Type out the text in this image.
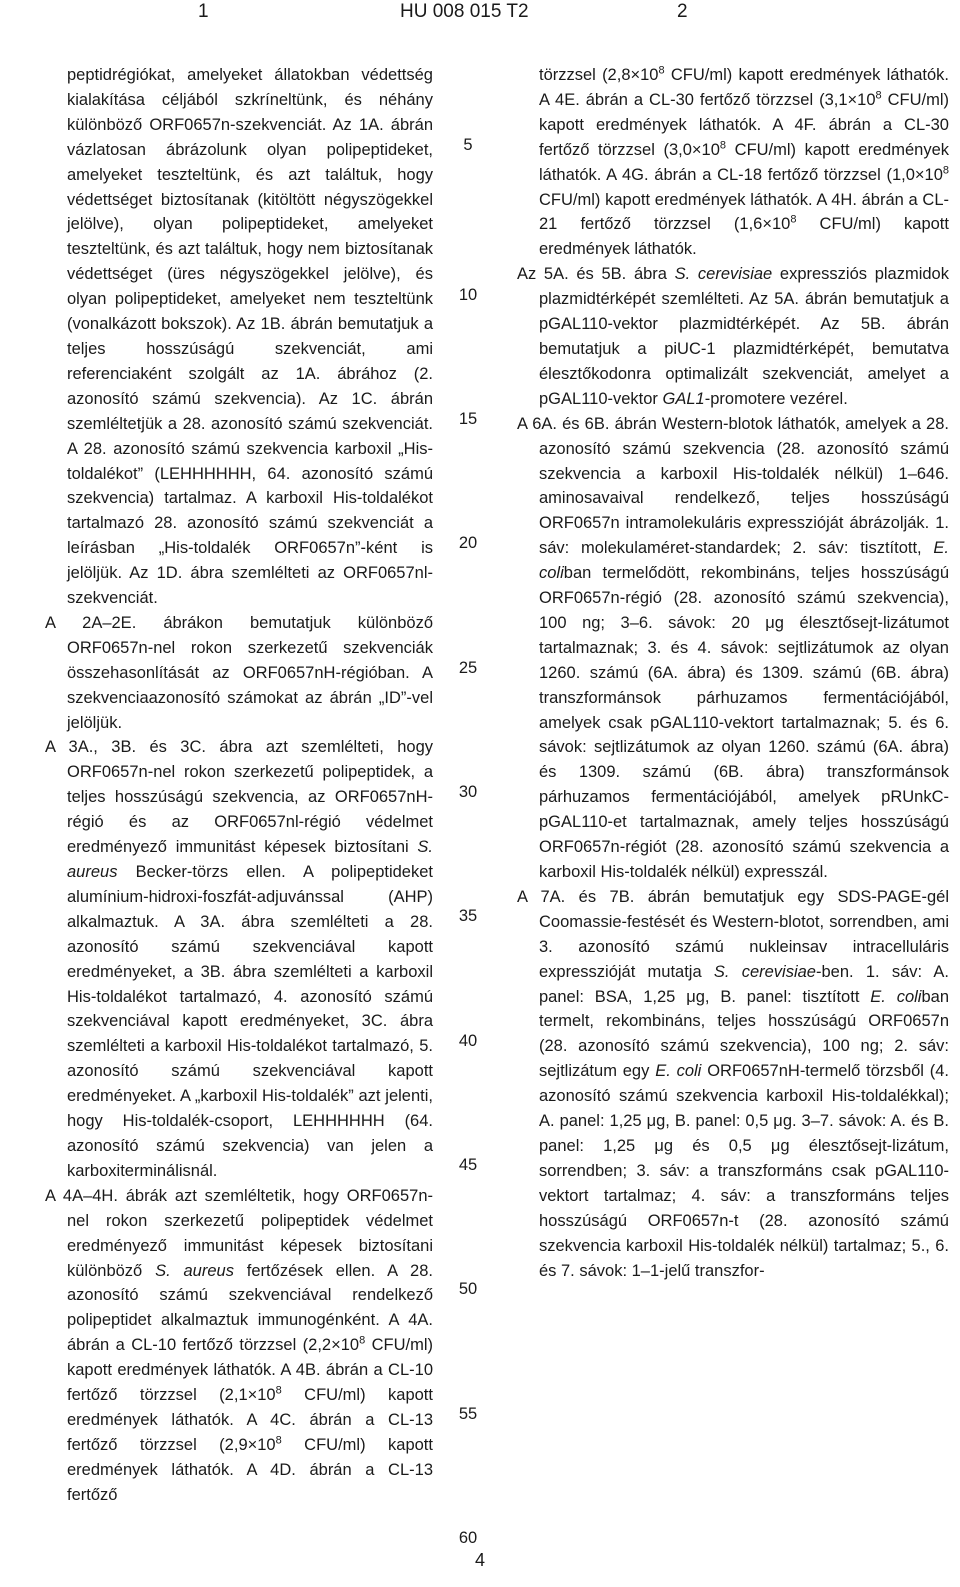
1	HU 008 015 T2	2

peptidrégiókat, amelyeket állatokban védettség kialakítása céljából szkríneltünk, és néhány különböző ORF0657n-szekvenciát. Az 1A. ábrán vázlatosan ábrázolunk olyan polipeptideket, amelyeket teszteltünk, és azt találtuk, hogy védettséget biztosítanak (kitöltött négyszögekkel jelölve), olyan polipeptideket, amelyeket teszteltünk, és azt találtuk, hogy nem biztosítanak védettséget (üres négyszögekkel jelölve), és olyan polipeptideket, amelyeket nem teszteltünk (vonalkázott bokszok). Az 1B. ábrán bemutatjuk a teljes hosszúságú szekvenciát, ami referenciaként szolgált az 1A. ábrához (2. azonosító számú szekvencia). Az 1C. ábrán szemléltetjük a 28. azonosító számú szekvenciát. A 28. azonosító számú szekvencia karboxil „His-toldalékot” (LEHHHHHH, 64. azonosító számú szekvencia) tartalmaz. A karboxil His-toldalékot tartalmazó 28. azonosító számú szekvenciát a leírásban „His-toldalék ORF0657n”-ként is jelöljük. Az 1D. ábra szemlélteti az ORF0657nl-szekvenciát.

A 2A–2E. ábrákon bemutatjuk különböző ORF0657n-nel rokon szerkezetű szekvenciák összehasonlítását az ORF0657nH-régióban. A szekvenciaazonosító számokat az ábrán „ID”-vel jelöljük.

A 3A., 3B. és 3C. ábra azt szemlélteti, hogy ORF0657n-nel rokon szerkezetű polipeptidek, a teljes hosszúságú szekvencia, az ORF0657nH-régió és az ORF0657nl-régió védelmet eredményező immunitást képesek biztosítani S. aureus Becker-törzs ellen. A polipeptideket alumínium-hidroxi-foszfát-adjuvánssal (AHP) alkalmaztuk. A 3A. ábra szemlélteti a 28. azonosító számú szekvenciával kapott eredményeket, a 3B. ábra szemlélteti a karboxil His-toldalékot tartalmazó, 4. azonosító számú szekvenciával kapott eredményeket, 3C. ábra szemlélteti a karboxil His-toldalékot tartalmazó, 5. azonosító számú szekvenciával kapott eredményeket. A „karboxil His-toldalék” azt jelenti, hogy His-toldalék-csoport, LEHHHHHH (64. azonosító számú szekvencia) van jelen a karboxiterminálisnál.

A 4A–4H. ábrák azt szemléltetik, hogy ORF0657n-nel rokon szerkezetű polipeptidek védelmet eredményező immunitást képesek biztosítani különböző S. aureus fertőzések ellen. A 28. azonosító számú szekvenciával rendelkező polipeptidet alkalmaztuk immunogénként. A 4A. ábrán a CL-10 fertőző törzzsel ($2,2\times 10^8$ CFU/ml) kapott eredmények láthatók. A 4B. ábrán a CL-10 fertőző törzzsel ($2,1\times 10^8$ CFU/ml) kapott eredmények láthatók. A 4C. ábrán a CL-13 fertőző törzzsel ($2,9\times 10^8$ CFU/ml) kapott eredmények láthatók. A 4D. ábrán a CL-13 fertőző

5
10
15
20
25
30
35
40
45
50
55
60

törzzsel ($2,8\times 10^8$ CFU/ml) kapott eredmények láthatók. A 4E. ábrán a CL-30 fertőző törzzsel ($3,1\times 10^8$ CFU/ml) kapott eredmények láthatók. A 4F. ábrán a CL-30 fertőző törzzsel ($3,0\times 10^8$ CFU/ml) kapott eredmények láthatók. A 4G. ábrán a CL-18 fertőző törzzsel ($1,0\times 10^8$ CFU/ml) kapott eredmények láthatók. A 4H. ábrán a CL-21 fertőző törzzsel ($1,6\times 10^8$ CFU/ml) kapott eredmények láthatók.

Az 5A. és 5B. ábra S. cerevisiae expressziós plazmidok plazmidtérképét szemlélteti. Az 5A. ábrán bemutatjuk a pGAL110-vektor plazmidtérképét. Az 5B. ábrán bemutatjuk a piUC-1 plazmidtérképét, bemutatva élesztőkodonra optimalizált szekvenciát, amelyet a pGAL110-vektor GAL1-promotere vezérel.

A 6A. és 6B. ábrán Western-blotok láthatók, amelyek a 28. azonosító számú szekvencia (28. azonosító számú szekvencia a karboxil His-toldalék nélkül) 1–646. aminosavaival rendelkező, teljes hosszúságú ORF0657n intramolekuláris expresszióját ábrázolják. 1. sáv: molekulaméret-standardek; 2. sáv: tisztított, E. coliban termelődött, rekombináns, teljes hosszúságú ORF0657n-régió (28. azonosító számú szekvencia), 100 ng; 3–6. sávok: 20 μg élesztősejt-lizátumot tartalmaznak; 3. és 4. sávok: sejtlizátumok az olyan 1260. számú (6A. ábra) és 1309. számú (6B. ábra) transzformánsok párhuzamos fermentációjából, amelyek csak pGAL110-vektort tartalmaznak; 5. és 6. sávok: sejtlizátumok az olyan 1260. számú (6A. ábra) és 1309. számú (6B. ábra) transzformánsok párhuzamos fermentációjából, amelyek pRUnkC-pGAL110-et tartalmaznak, amely teljes hosszúságú ORF0657n-régiót (28. azonosító számú szekvencia a karboxil His-toldalék nélkül) expresszál.

A 7A. és 7B. ábrán bemutatjuk egy SDS-PAGE-gél Coomassie-festését és Western-blotot, sorrendben, ami 3. azonosító számú nukleinsav intracelluláris expresszióját mutatja S. cerevisiae-ben. 1. sáv: A. panel: BSA, 1,25 μg, B. panel: tisztított E. coliban termelt, rekombináns, teljes hosszúságú ORF0657n (28. azonosító számú szekvencia), 100 ng; 2. sáv: sejtlizátum egy E. coli ORF0657nH-termelő törzsből (4. azonosító számú szekvencia karboxil His-toldalékkal); A. panel: 1,25 μg, B. panel: 0,5 μg. 3–7. sávok: A. és B. panel: 1,25 μg és 0,5 μg élesztősejt-lizátum, sorrendben; 3. sáv: a transzformáns csak pGAL110-vektort tartalmaz; 4. sáv: a transzformáns teljes hosszúságú ORF0657n-t (28. azonosító számú szekvencia karboxil His-toldalék nélkül) tartalmaz; 5., 6. és 7. sávok: 1–1-jelű transzfor-

4
